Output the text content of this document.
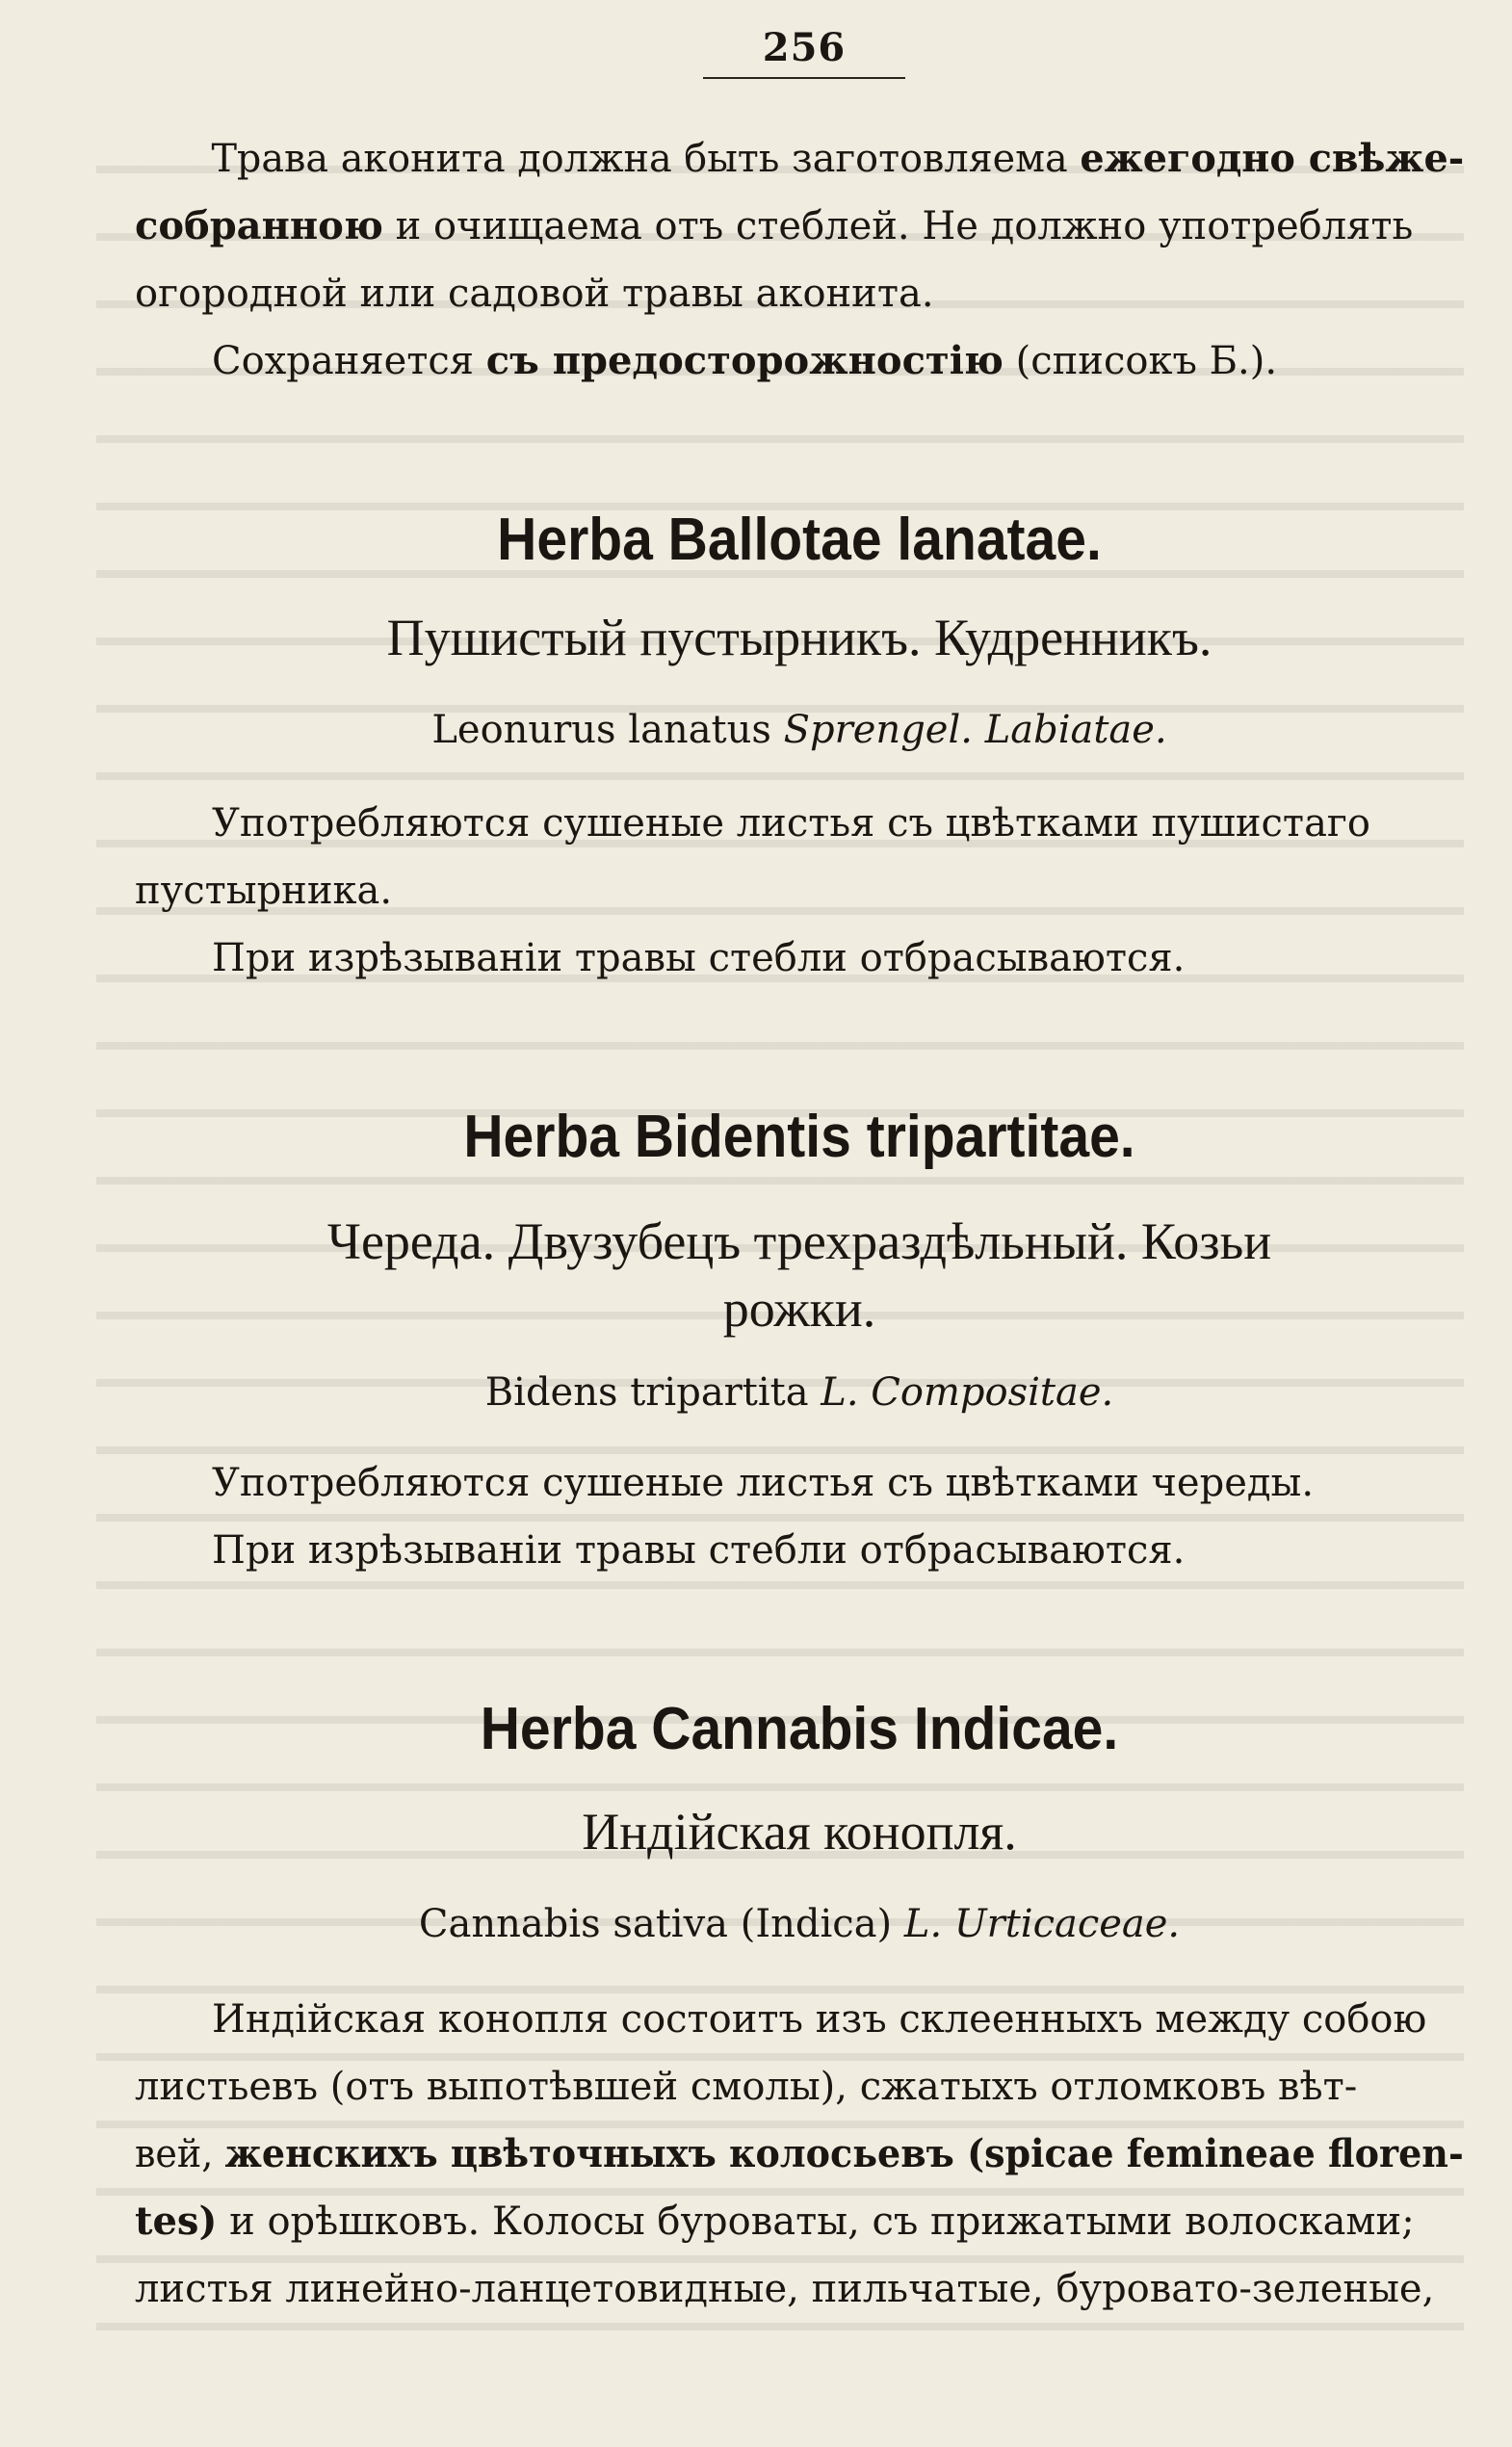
256
Трава аконита должна быть заготовляема ежегодно свѣже-
собранною и очищаема отъ стеблей. Не должно употреблять
огородной или садовой травы аконита.
Сохраняется съ предосторожностію (списокъ Б.).
Herba Ballotae lanatae.
Пушистый пустырникъ. Кудренникъ.
Leonurus lanatus Sprengel. Labiatae.
Употребляются сушеные листья съ цвѣтками пушистаго
пустырника.
При изрѣзываніи травы стебли отбрасываются.
Herba Bidentis tripartitae.
Череда. Двузубецъ трехраздѣльный. Козьи
рожки.
Bidens tripartita L. Compositae.
Употребляются сушеные листья съ цвѣтками череды.
При изрѣзываніи травы стебли отбрасываются.
Herba Cannabis Indicae.
Индійская конопля.
Cannabis sativa (Indica) L. Urticaceae.
Индійская конопля состоитъ изъ склеенныхъ между собою
листьевъ (отъ выпотѣвшей смолы), сжатыхъ отломковъ вѣт-
вей, женскихъ цвѣточныхъ колосьевъ (spicae femineae floren-
tes) и орѣшковъ. Колосы буроваты, съ прижатыми волосками;
листья линейно-ланцетовидные, пильчатые, буровато-зеленые,
